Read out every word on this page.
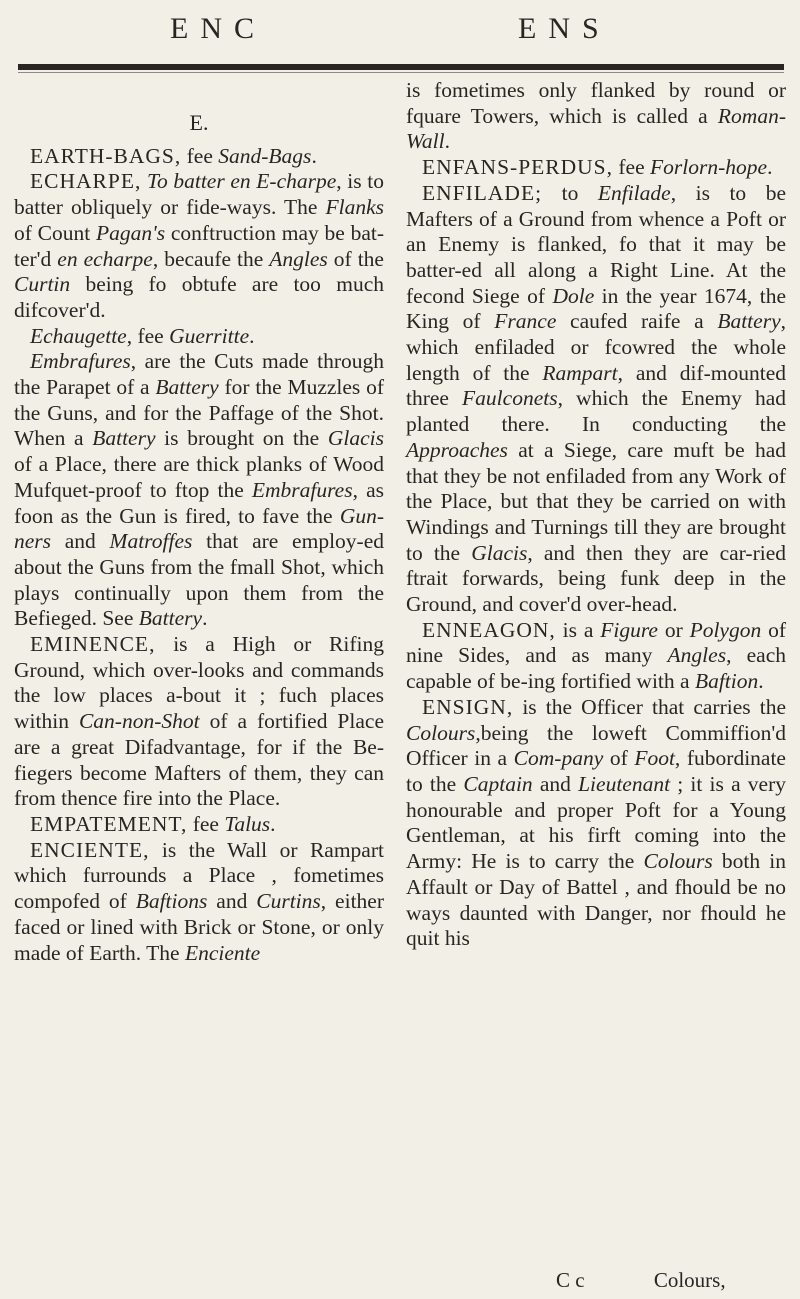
ENC	ENS
E.

EARTH-BAGS, fee Sand-Bags.

ECHARPE, To batter en E-charpe, is to batter obliquely or fide-ways. The Flanks of Count Pagan's conftruction may be bat-ter'd en echarpe, becaufe the Angles of the Curtin being fo obtufe are too much difcover'd.

Echaugette, fee Guerritte.

Embrafures, are the Cuts made through the Parapet of a Battery for the Muzzles of the Guns, and for the Paffage of the Shot. When a Battery is brought on the Glacis of a Place, there are thick planks of Wood Mufquet-proof to ftop the Embrafures, as foon as the Gun is fired, to fave the Gun-ners and Matroffes that are employ-ed about the Guns from the fmall Shot, which plays continually upon them from the Befieged. See Battery.

EMINENCE, is a High or Rifing Ground, which over-looks and commands the low places a-bout it ; fuch places within Can-non-Shot of a fortified Place are a great Difadvantage, for if the Be-fiegers become Mafters of them, they can from thence fire into the Place.

EMPATEMENT, fee Talus.

ENCIENTE, is the Wall or Rampart which furrounds a Place , fometimes compofed of Baftions and Curtins, either faced or lined with Brick or Stone, or only made of Earth. The Enciente

is fometimes only flanked by round or fquare Towers, which is called a Roman-Wall.

ENFANS-PERDUS, fee Forlorn-hope.

ENFILADE; to Enfilade, is to be Mafters of a Ground from whence a Poft or an Enemy is flanked, fo that it may be batter-ed all along a Right Line. At the fecond Siege of Dole in the year 1674, the King of France caufed raife a Battery, which enfiladed or fcowred the whole length of the Rampart, and dif-mounted three Faulconets, which the Enemy had planted there. In conducting the Approaches at a Siege, care muft be had that they be not enfiladed from any Work of the Place, but that they be carried on with Windings and Turnings till they are brought to the Glacis, and then they are car-ried ftrait forwards, being funk deep in the Ground, and cover'd over-head.

ENNEAGON, is a Figure or Polygon of nine Sides, and as many Angles, each capable of be-ing fortified with a Baftion.

ENSIGN, is the Officer that carries the Colours,being the loweft Commiffion'd Officer in a Com-pany of Foot, fubordinate to the Captain and Lieutenant ; it is a very honourable and proper Poft for a Young Gentleman, at his firft coming into the Army: He is to carry the Colours both in Affault or Day of Battel , and fhould be no ways daunted with Danger, nor fhould he quit his

C c	Colours,
